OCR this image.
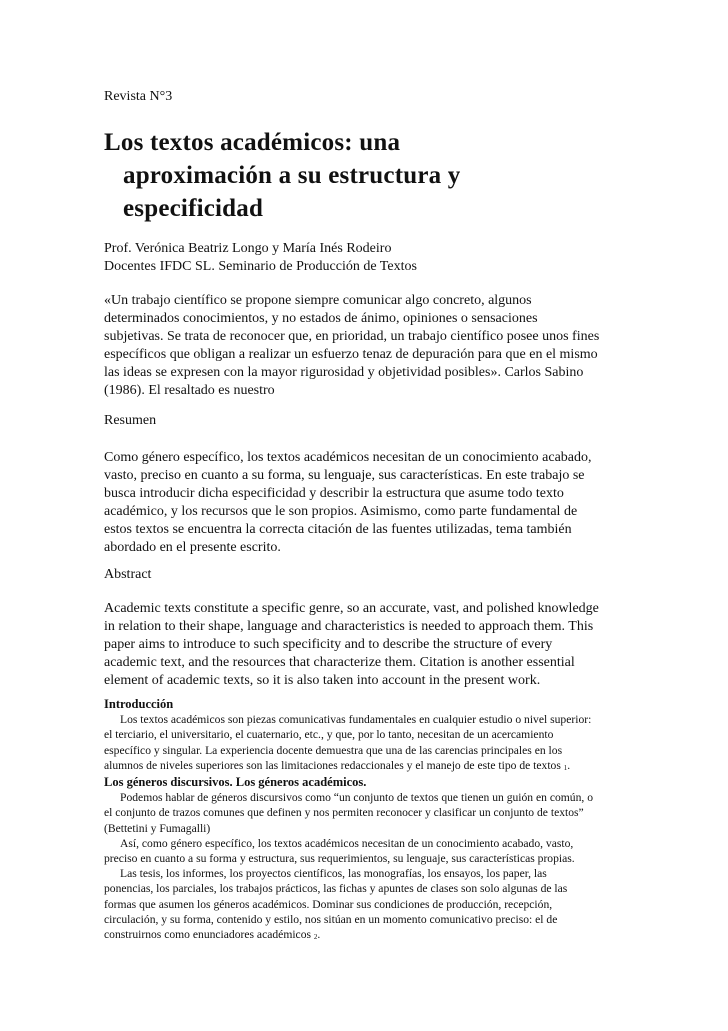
Revista N°3
Los textos académicos: una
aproximación a su estructura y
especificidad
Prof. Verónica Beatriz Longo y María Inés Rodeiro
Docentes IFDC SL. Seminario de Producción de Textos
«Un trabajo científico se propone siempre comunicar algo concreto, algunos
determinados conocimientos, y no estados de ánimo, opiniones o sensaciones
subjetivas. Se trata de reconocer que, en prioridad, un trabajo científico posee unos fines
específicos que obligan a realizar un esfuerzo tenaz de depuración para que en el mismo
las ideas se expresen con la mayor rigurosidad y objetividad posibles». Carlos Sabino
(1986). El resaltado es nuestro
Resumen
Como género específico, los textos académicos necesitan de un conocimiento acabado,
vasto, preciso en cuanto a su forma, su lenguaje, sus características. En este trabajo se
busca introducir dicha especificidad y describir la estructura que asume todo texto
académico, y los recursos que le son propios. Asimismo, como parte fundamental de
estos textos se encuentra la correcta citación de las fuentes utilizadas, tema también
abordado en el presente escrito.
Abstract
Academic texts constitute a specific genre, so an accurate, vast, and polished knowledge
in relation to their shape, language and characteristics is needed to approach them. This
paper aims to introduce to such specificity and to describe the structure of every
academic text, and the resources that characterize them. Citation is another essential
element of academic texts, so it is also taken into account in the present work.
Introducción
Los textos académicos son piezas comunicativas fundamentales en cualquier estudio o nivel superior:
el terciario, el universitario, el cuaternario, etc., y que, por lo tanto, necesitan de un acercamiento
específico y singular. La experiencia docente demuestra que una de las carencias principales en los
alumnos de niveles superiores son las limitaciones redaccionales y el manejo de este tipo de textos $_1$.
Los géneros discursivos. Los géneros académicos.
Podemos hablar de géneros discursivos como “un conjunto de textos que tienen un guión en común, o
el conjunto de trazos comunes que definen y nos permiten reconocer y clasificar un conjunto de textos”
(Bettetini y Fumagalli)
Así, como género específico, los textos académicos necesitan de un conocimiento acabado, vasto,
preciso en cuanto a su forma y estructura, sus requerimientos, su lenguaje, sus características propias.
Las tesis, los informes, los proyectos científicos, las monografías, los ensayos, los paper, las
ponencias, los parciales, los trabajos prácticos, las fichas y apuntes de clases son solo algunas de las
formas que asumen los géneros académicos. Dominar sus condiciones de producción, recepción,
circulación, y su forma, contenido y estilo, nos sitúan en un momento comunicativo preciso: el de
construirnos como enunciadores académicos $_2$.
